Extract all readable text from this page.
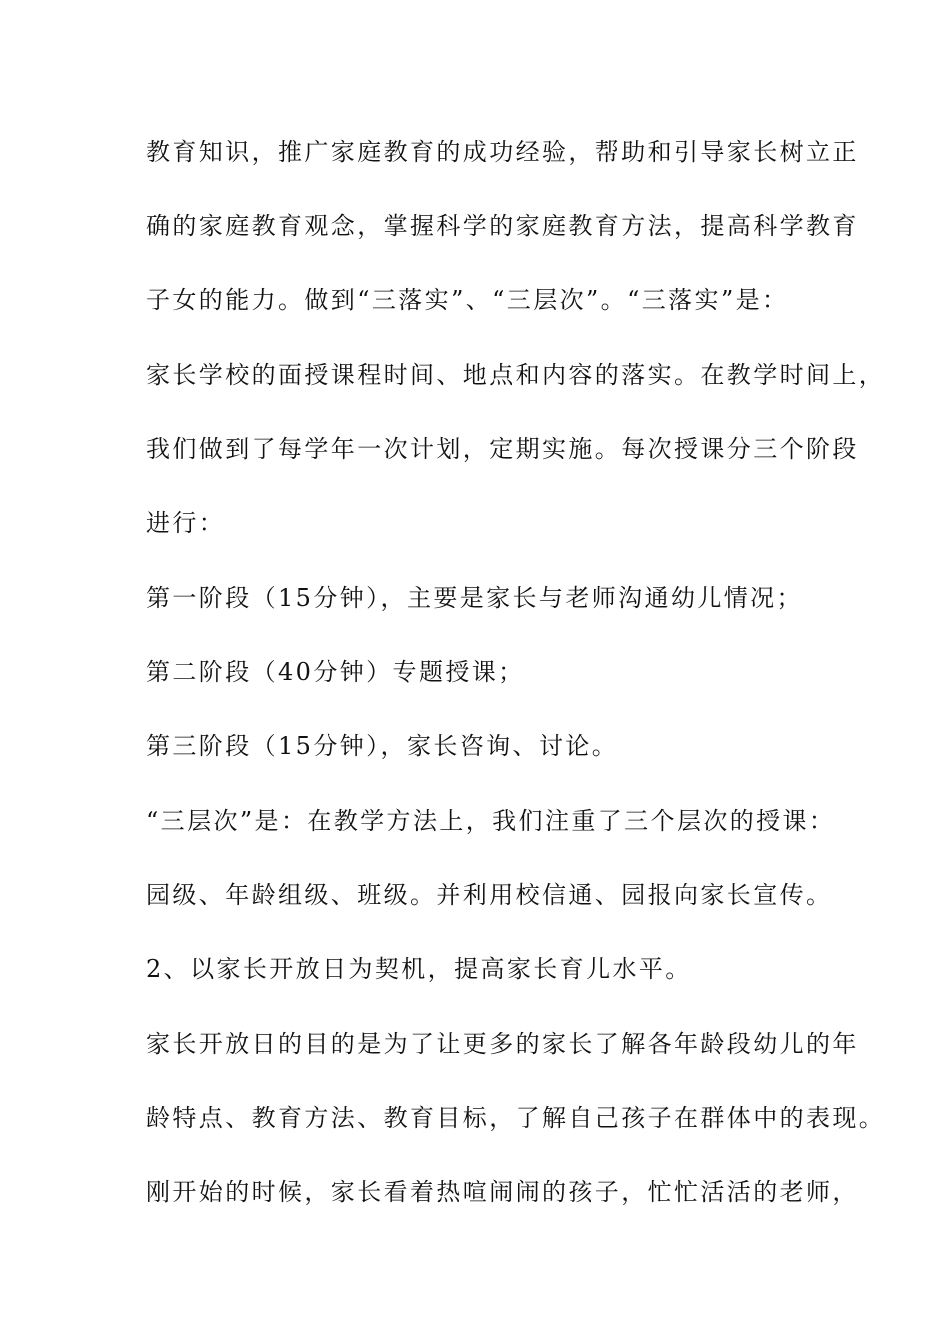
教育知识，推广家庭教育的成功经验，帮助和引导家长树立正
确的家庭教育观念，掌握科学的家庭教育方法，提高科学教育
子女的能力。做到“三落实”、“三层次”。“三落实”是：
家长学校的面授课程时间、地点和内容的落实。在教学时间上，
我们做到了每学年一次计划，定期实施。每次授课分三个阶段
进行：
第一阶段（15分钟），主要是家长与老师沟通幼儿情况；
第二阶段（40分钟）专题授课；
第三阶段（15分钟），家长咨询、讨论。
“三层次”是：在教学方法上，我们注重了三个层次的授课：
园级、年龄组级、班级。并利用校信通、园报向家长宣传。
2、以家长开放日为契机，提高家长育儿水平。
家长开放日的目的是为了让更多的家长了解各年龄段幼儿的年
龄特点、教育方法、教育目标，了解自己孩子在群体中的表现。
刚开始的时候，家长看着热喧闹闹的孩子，忙忙活活的老师，
